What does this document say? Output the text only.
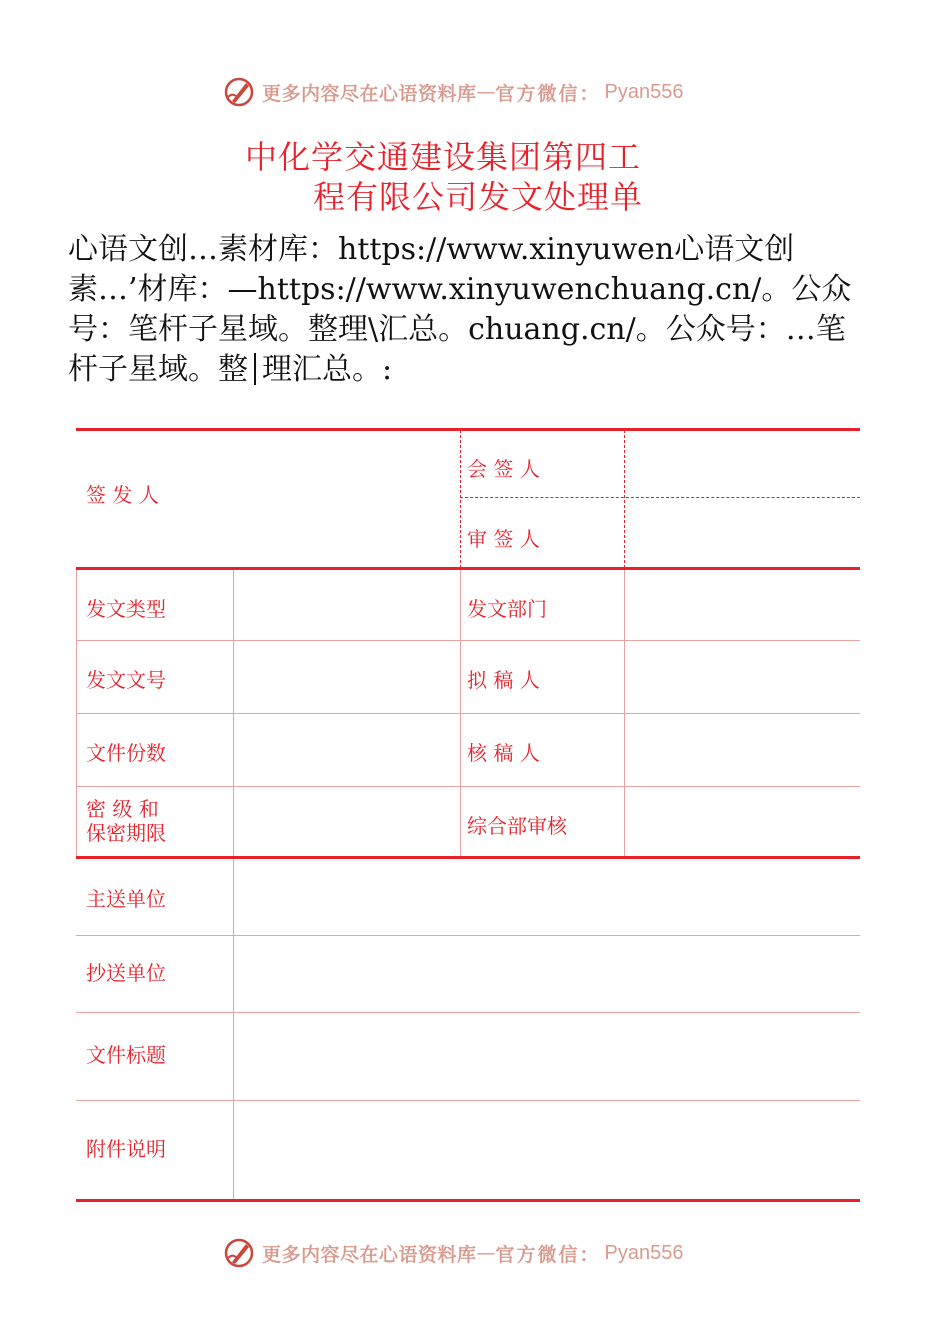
更多内容尽在心语资料库 — 官方微信： Pyan556
中化学交通建设集团第四工
程有限公司发文处理单
心语文创…素材库：https://www.xinyuwen心语文创素…’材库：—https://www.xinyuwenchuang.cn/。公众号：笔杆子星域。整理\汇总。chuang.cn/。公众号：…笔杆子星域。整 理汇总。:
签 发 人
会 签 人
审 签 人
发文类型	发文部门
发文文号	拟 稿 人
文件份数	核 稿 人
密 级 和
保密期限	综合部审核
主送单位
抄送单位
文件标题
附件说明
更多内容尽在心语资料库 — 官方微信： Pyan556
